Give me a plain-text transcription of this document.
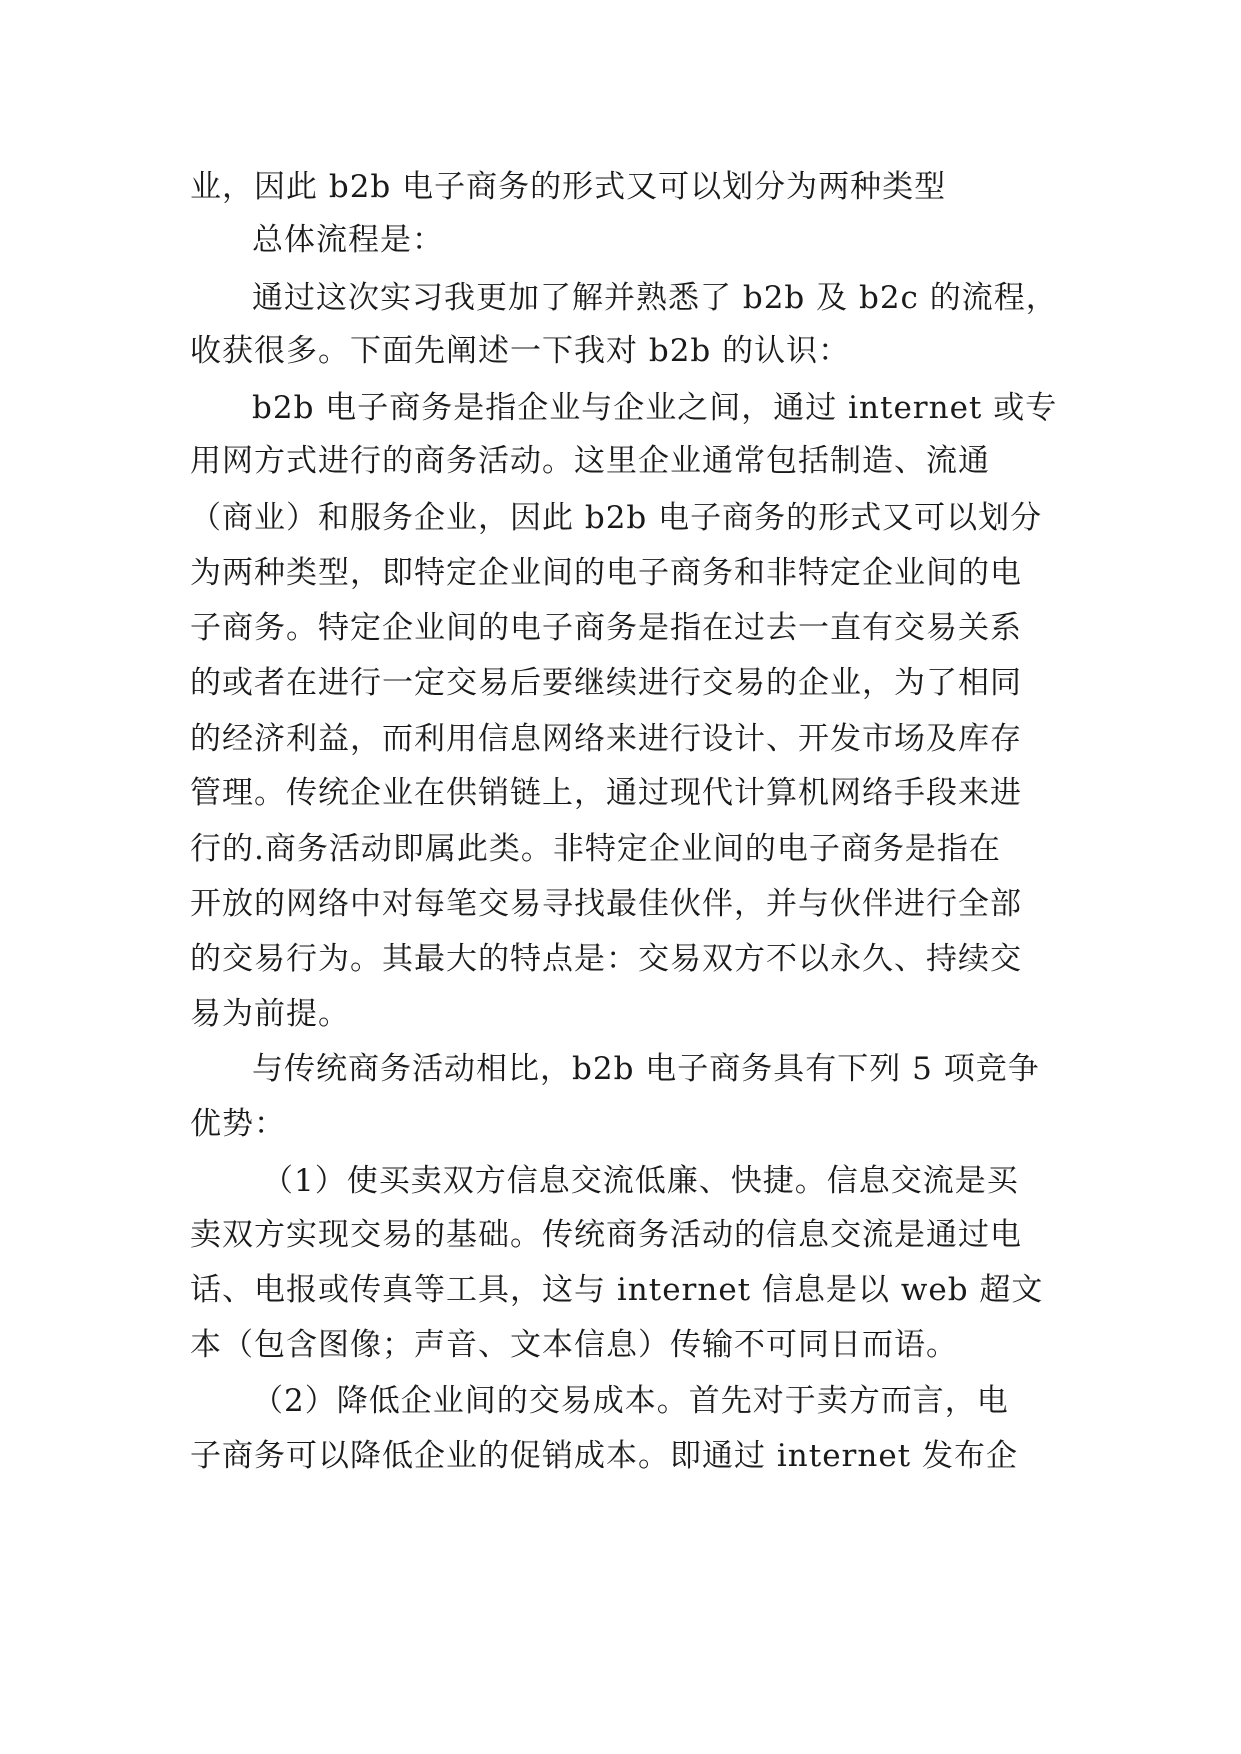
业，因此 b2b 电子商务的形式又可以划分为两种类型
总体流程是：
通过这次实习我更加了解并熟悉了 b2b 及 b2c 的流程，
收获很多。下面先阐述一下我对 b2b 的认识：
b2b 电子商务是指企业与企业之间，通过 internet 或专
用网方式进行的商务活动。这里企业通常包括制造、流通
（商业）和服务企业，因此 b2b 电子商务的形式又可以划分
为两种类型，即特定企业间的电子商务和非特定企业间的电
子商务。特定企业间的电子商务是指在过去一直有交易关系
的或者在进行一定交易后要继续进行交易的企业，为了相同
的经济利益，而利用信息网络来进行设计、开发市场及库存
管理。传统企业在供销链上，通过现代计算机网络手段来进
行的.商务活动即属此类。非特定企业间的电子商务是指在
开放的网络中对每笔交易寻找最佳伙伴，并与伙伴进行全部
的交易行为。其最大的特点是：交易双方不以永久、持续交
易为前提。
与传统商务活动相比，b2b 电子商务具有下列 5 项竞争
优势：
（1）使买卖双方信息交流低廉、快捷。信息交流是买
卖双方实现交易的基础。传统商务活动的信息交流是通过电
话、电报或传真等工具，这与 internet 信息是以 web 超文
本（包含图像；声音、文本信息）传输不可同日而语。
（2）降低企业间的交易成本。首先对于卖方而言，电
子商务可以降低企业的促销成本。即通过 internet 发布企
